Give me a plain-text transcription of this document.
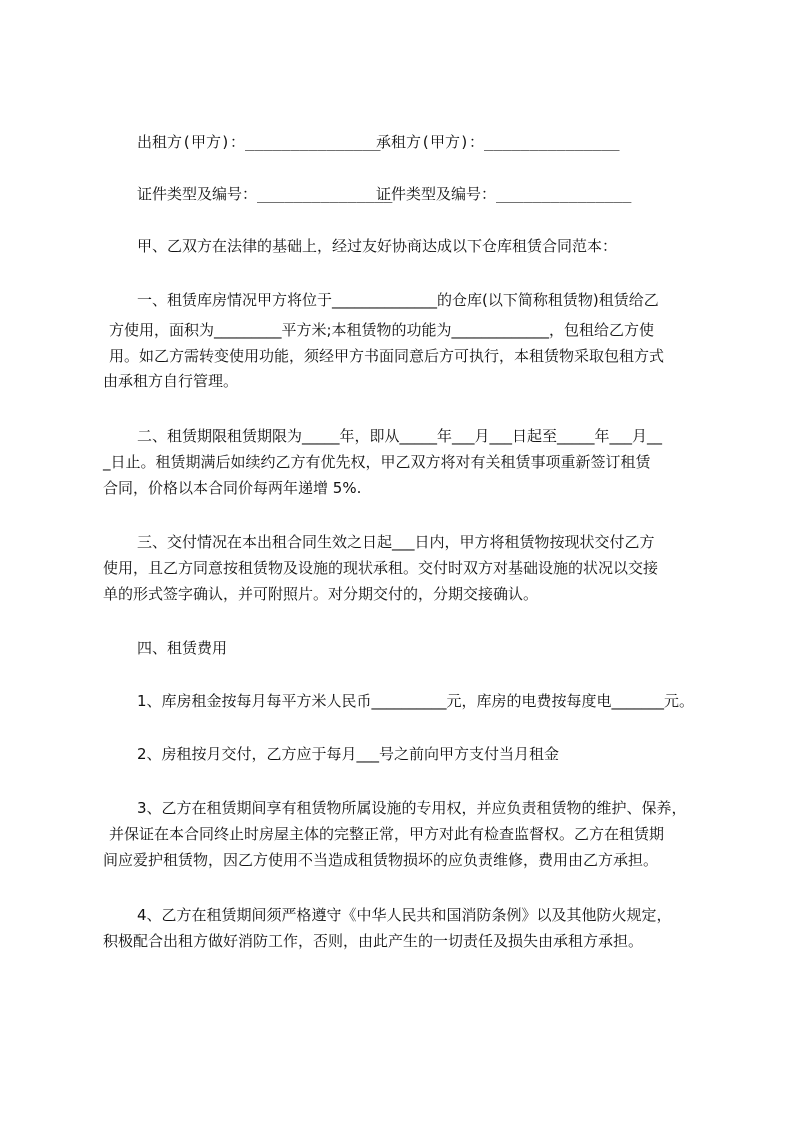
出租方(甲方)：_______________
承租方(甲方)：_______________
证件类型及编号：_______________
证件类型及编号：_______________
甲、乙双方在法律的基础上，经过友好协商达成以下仓库租赁合同范本：
一、租赁库房情况甲方将位于______________的仓库(以下简称租赁物)租赁给乙
方使用，面积为_________平方米;本租赁物的功能为_____________，包租给乙方使
用。如乙方需转变使用功能，须经甲方书面同意后方可执行，本租赁物采取包租方式
由承租方自行管理。
二、租赁期限租赁期限为_____年，即从_____年___月___日起至_____年___月__
_日止。租赁期满后如续约乙方有优先权，甲乙双方将对有关租赁事项重新签订租赁
合同，价格以本合同价每两年递增 5%.
三、交付情况在本出租合同生效之日起___日内，甲方将租赁物按现状交付乙方
使用，且乙方同意按租赁物及设施的现状承租。交付时双方对基础设施的状况以交接
单的形式签字确认，并可附照片。对分期交付的，分期交接确认。
四、租赁费用
1、库房租金按每月每平方米人民币__________元，库房的电费按每度电_______元。
2、房租按月交付，乙方应于每月___号之前向甲方支付当月租金
3、乙方在租赁期间享有租赁物所属设施的专用权，并应负责租赁物的维护、保养，
并保证在本合同终止时房屋主体的完整正常，甲方对此有检查监督权。乙方在租赁期
间应爱护租赁物，因乙方使用不当造成租赁物损坏的应负责维修，费用由乙方承担。
4、乙方在租赁期间须严格遵守《中华人民共和国消防条例》以及其他防火规定，
积极配合出租方做好消防工作，否则，由此产生的一切责任及损失由承租方承担。
